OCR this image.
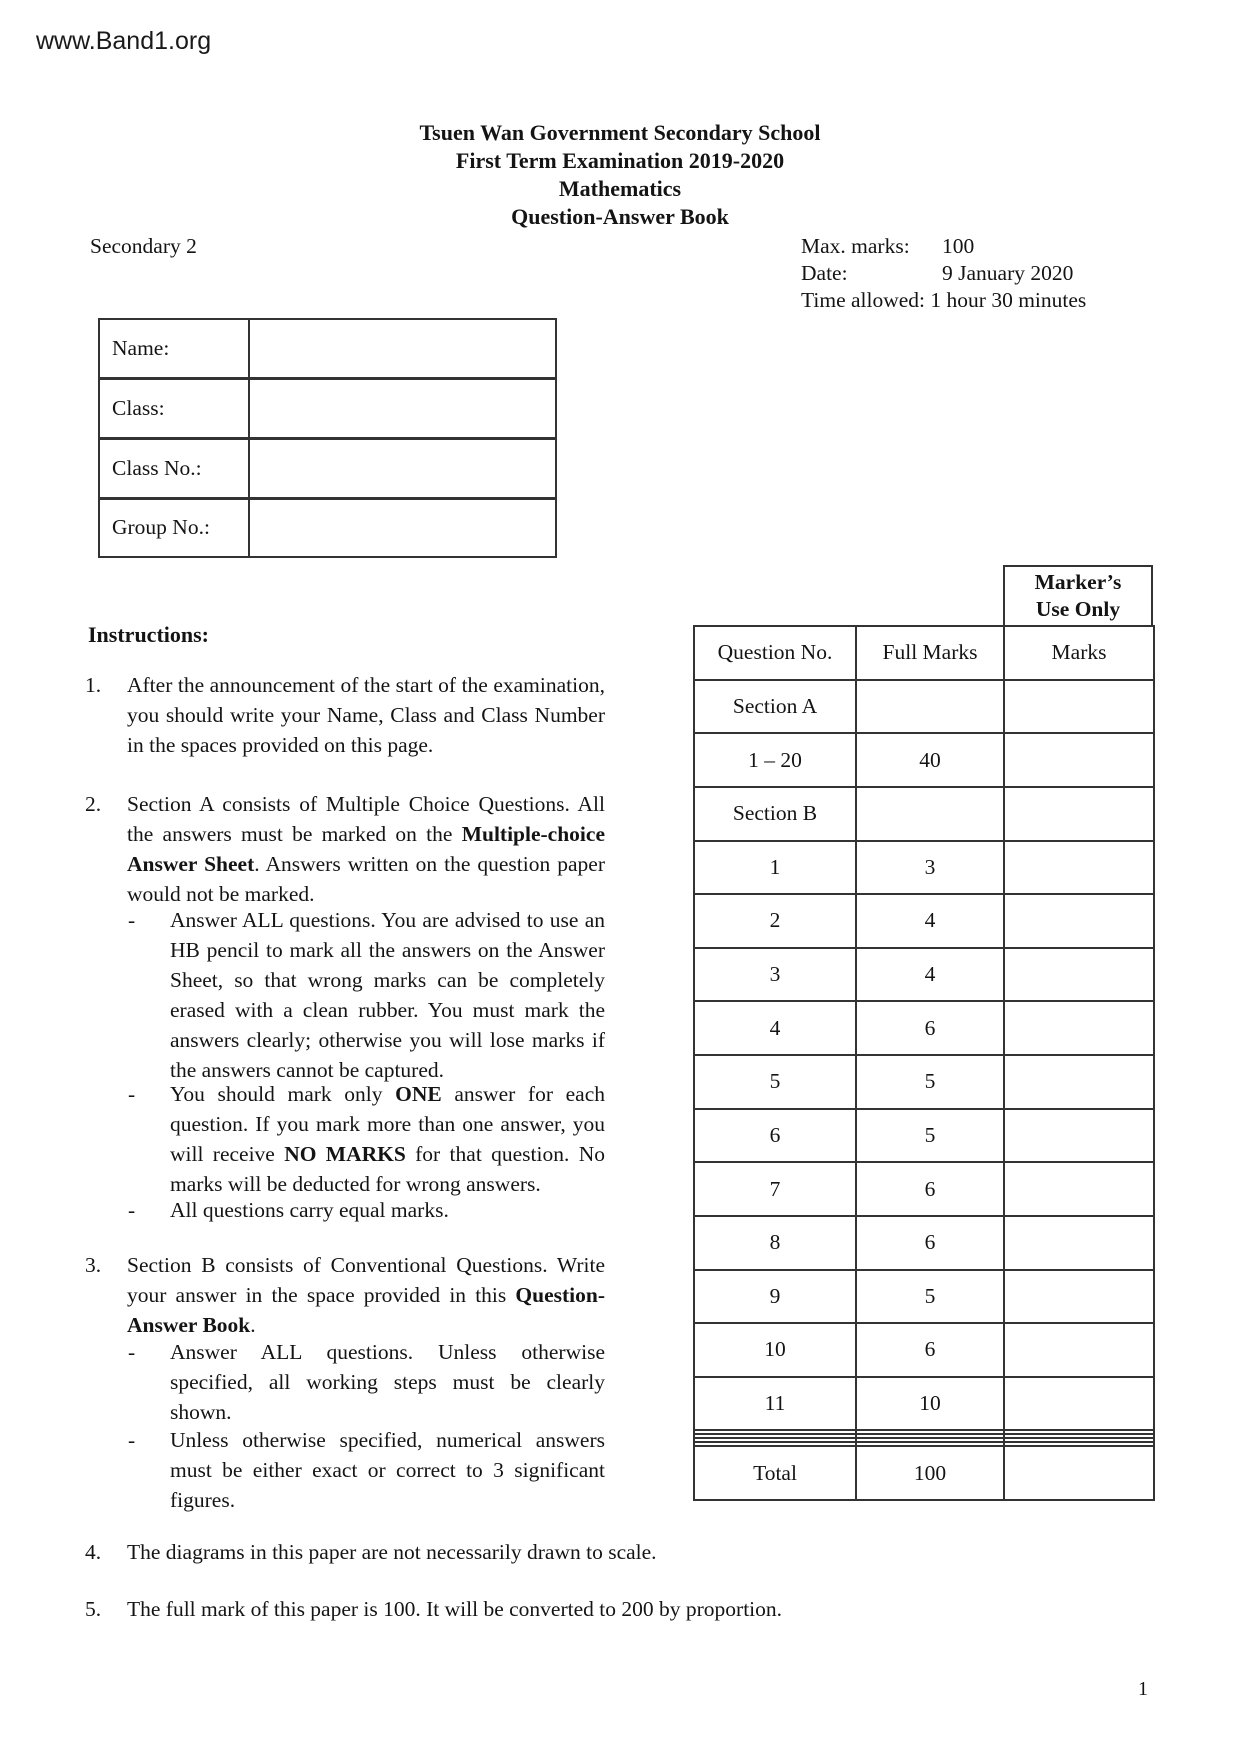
www.Band1.org
Tsuen Wan Government Secondary School
First Term Examination 2019-2020
Mathematics
Question-Answer Book
Secondary 2	Max. marks: 100
Date:	9 January 2020
Time allowed: 1 hour 30 minutes
Name:	
Class:	
Class No.:	
Group No.:	
Marker’s
Use Only
Question No.	Full Marks	Marks
Section A		
1 – 20	40	
Section B		
1	3	
2	4	
3	4	
4	6	
5	5	
6	5	
7	6	
8	6	
9	5	
10	6	
11	10	

Total	100	
Instructions:
1. After the announcement of the start of the examination, you should write your Name, Class and Class Number in the spaces provided on this page.
2. Section A consists of Multiple Choice Questions. All the answers must be marked on the Multiple-choice Answer Sheet. Answers written on the question paper would not be marked.
- Answer ALL questions. You are advised to use an HB pencil to mark all the answers on the Answer Sheet, so that wrong marks can be completely erased with a clean rubber. You must mark the answers clearly; otherwise you will lose marks if the answers cannot be captured.
- You should mark only ONE answer for each question. If you mark more than one answer, you will receive NO MARKS for that question. No marks will be deducted for wrong answers.
- All questions carry equal marks.
3. Section B consists of Conventional Questions. Write your answer in the space provided in this Question-Answer Book.
- Answer ALL questions. Unless otherwise specified, all working steps must be clearly shown.
- Unless otherwise specified, numerical answers must be either exact or correct to 3 significant figures.
4. The diagrams in this paper are not necessarily drawn to scale.
5. The full mark of this paper is 100. It will be converted to 200 by proportion.
1
